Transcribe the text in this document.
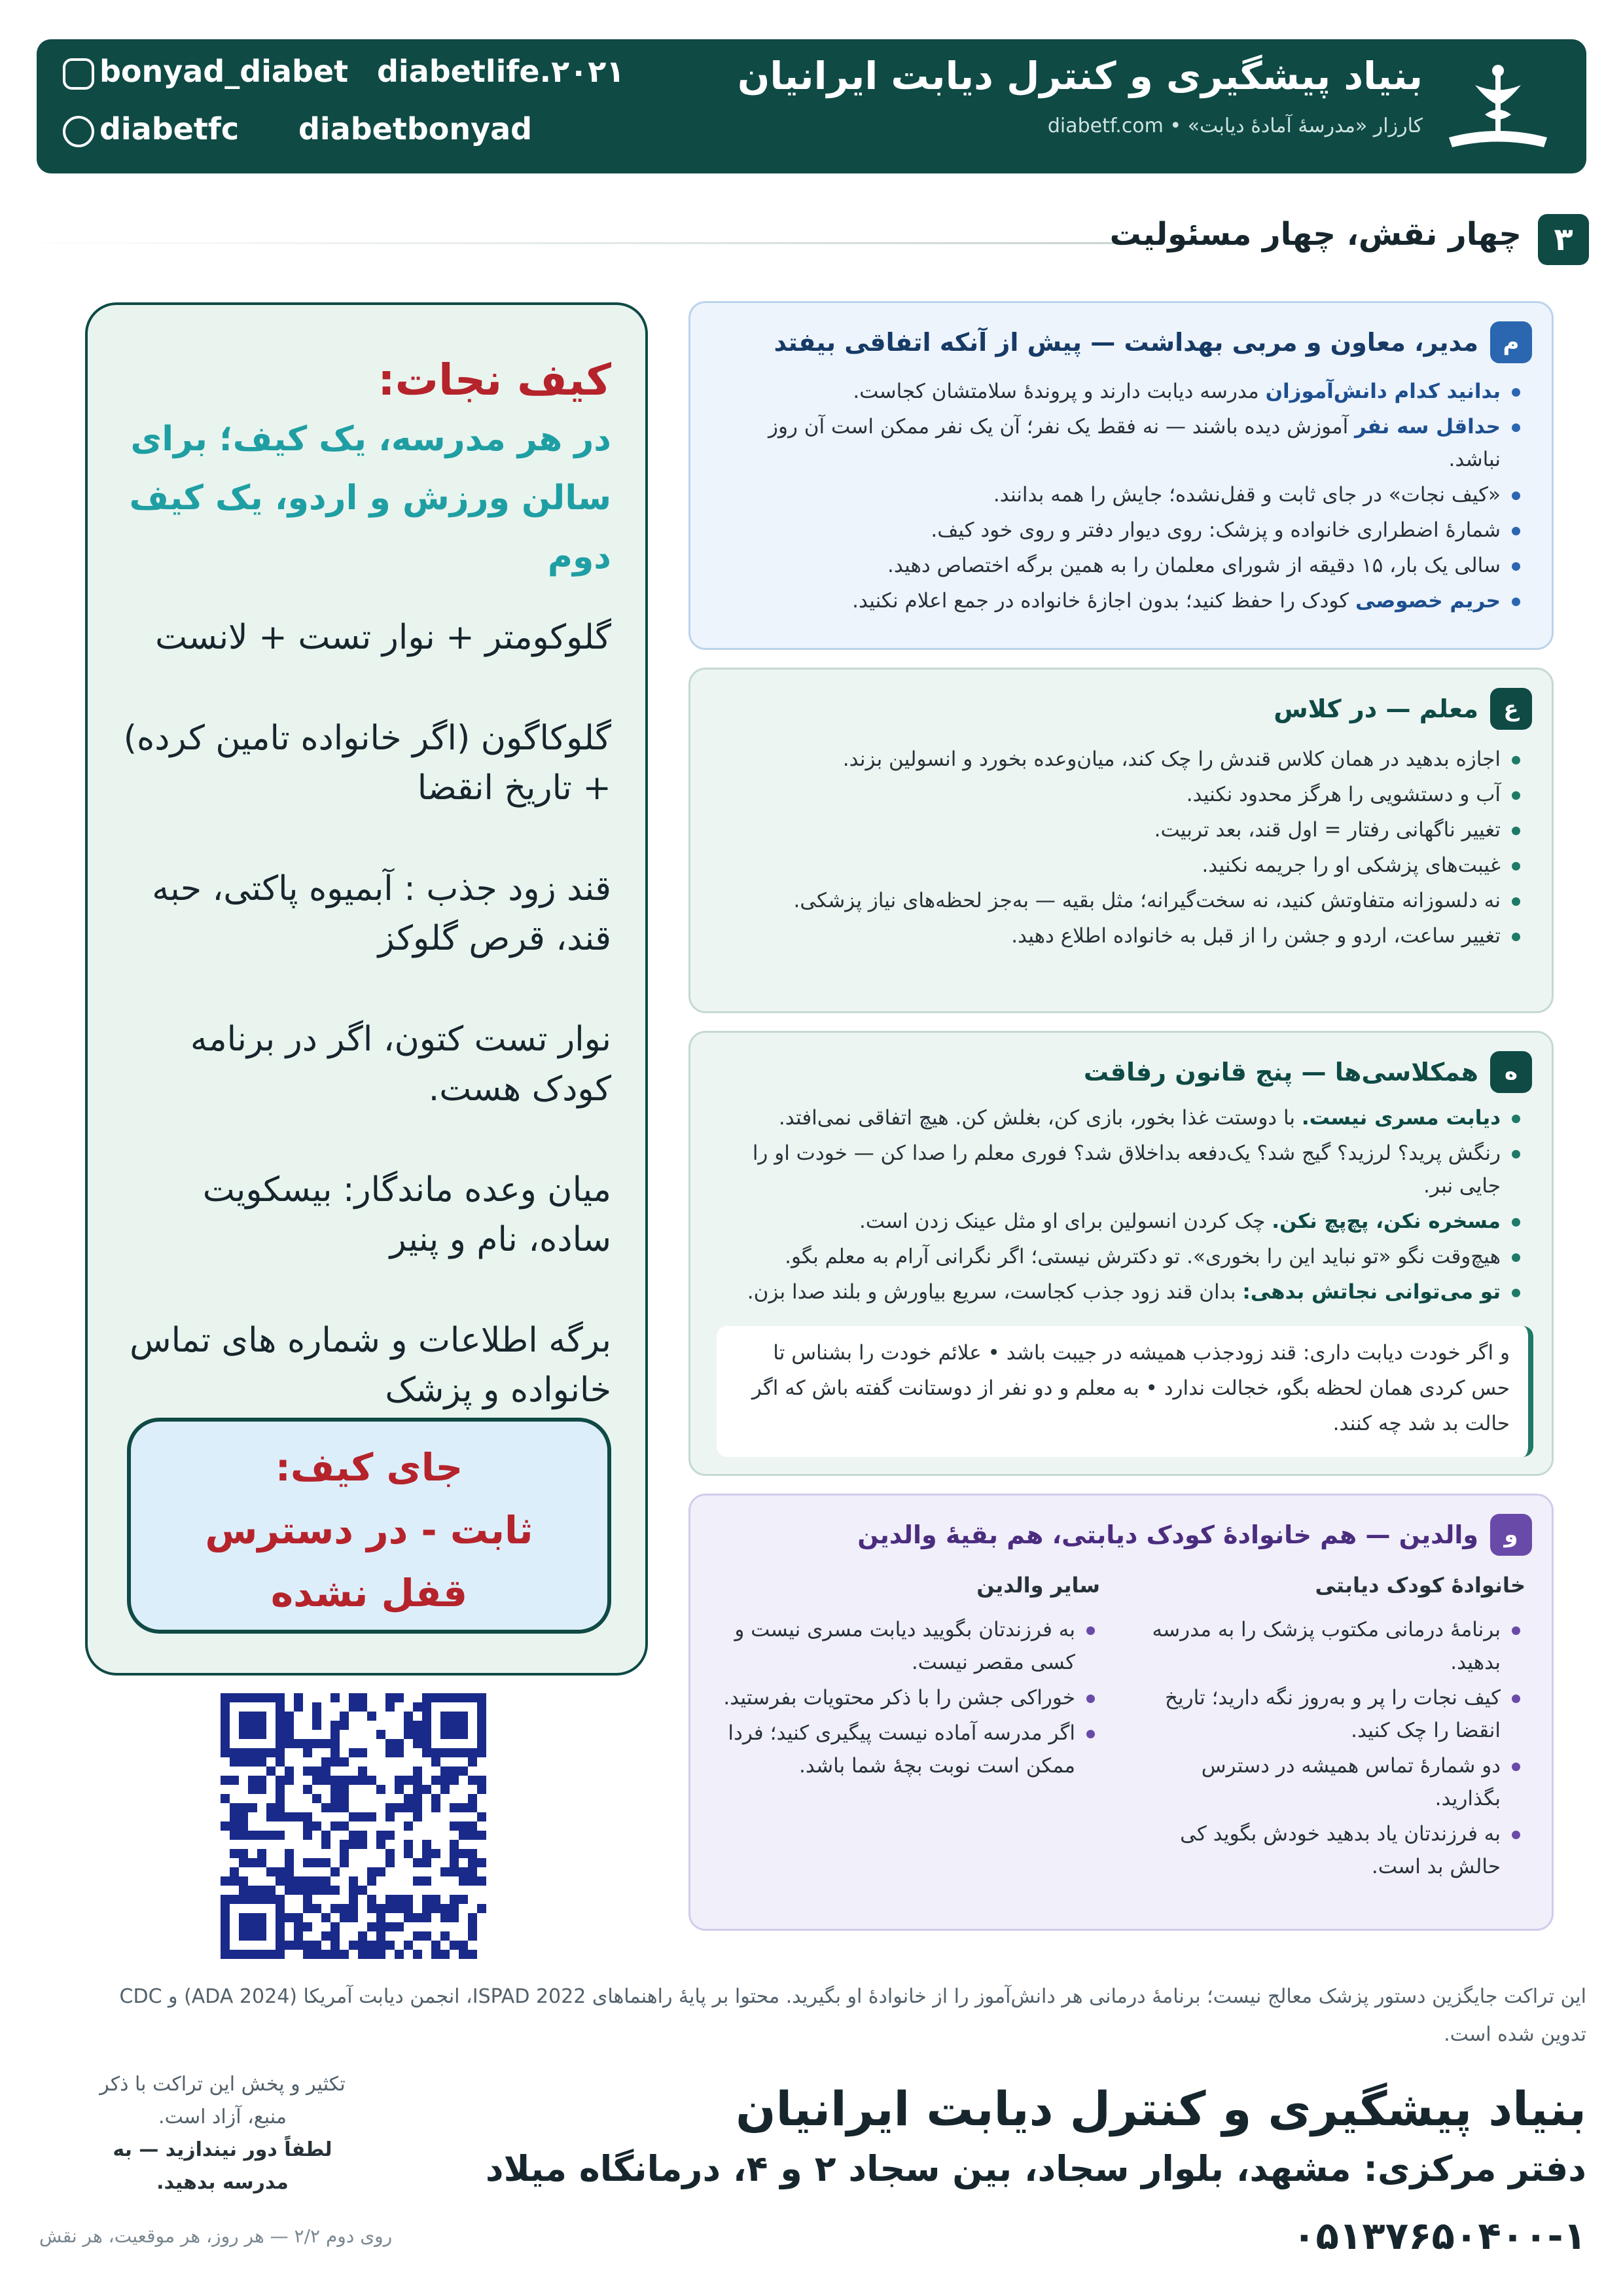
بنیاد پیشگیری و کنترل دیابت ایرانیان
کارزار «مدرسهٔ آمادهٔ دیابت» • diabetf.com
bonyad_diabet diabetlife.۲۰۲۱
diabetfc diabetbonyad
۳
چهار نقش، چهار مسئولیت
م
مدیر، معاون و مربی بهداشت — پیش از آنکه اتفاقی بیفتد
بدانید کدام دانش‌آموزان مدرسه دیابت دارند و پروندهٔ سلامتشان کجاست.
حداقل سه نفر آموزش دیده باشند — نه فقط یک نفر؛ آن یک نفر ممکن است آن روز نباشد.
«کیف نجات» در جای ثابت و قفل‌نشده؛ جایش را همه بدانند.
شمارهٔ اضطراری خانواده و پزشک: روی دیوار دفتر و روی خود کیف.
سالی یک بار، ۱۵ دقیقه از شورای معلمان را به همین برگه اختصاص دهید.
حریم خصوصی کودک را حفظ کنید؛ بدون اجازهٔ خانواده در جمع اعلام نکنید.
ع
معلم — در کلاس
اجازه بدهید در همان کلاس قندش را چک کند، میان‌وعده بخورد و انسولین بزند.
آب و دستشویی را هرگز محدود نکنید.
تغییر ناگهانی رفتار = اول قند، بعد تربیت.
غیبت‌های پزشکی او را جریمه نکنید.
نه دلسوزانه متفاوتش کنید، نه سخت‌گیرانه؛ مثل بقیه — به‌جز لحظه‌های نیاز پزشکی.
تغییر ساعت، اردو و جشن را از قبل به خانواده اطلاع دهید.
ه
همکلاسی‌ها — پنج قانون رفاقت
دیابت مسری نیست. با دوستت غذا بخور، بازی کن، بغلش کن. هیچ اتفاقی نمی‌افتد.
رنگش پرید؟ لرزید؟ گیج شد؟ یک‌دفعه بداخلاق شد؟ فوری معلم را صدا کن — خودت او را جایی نبر.
مسخره نکن، پچ‌پچ نکن. چک کردن انسولین برای او مثل عینک زدن است.
هیچ‌وقت نگو «تو نباید این را بخوری». تو دکترش نیستی؛ اگر نگرانی آرام به معلم بگو.
تو می‌توانی نجاتش بدهی: بدان قند زود جذب کجاست، سریع بیاورش و بلند صدا بزن.
و اگر خودت دیابت داری: قند زودجذب همیشه در جیبت باشد • علائم خودت را بشناس تا حس کردی همان لحظه بگو، خجالت ندارد • به معلم و دو نفر از دوستانت گفته باش که اگر حالت بد شد چه کنند.
و
والدین — هم خانوادهٔ کودک دیابتی، هم بقیهٔ والدین
خانوادهٔ کودک دیابتی
سایر والدین
برنامهٔ درمانی مکتوب پزشک را به مدرسه بدهید.
کیف نجات را پر و به‌روز نگه دارید؛ تاریخ انقضا را چک کنید.
دو شمارهٔ تماس همیشه در دسترس بگذارید.
به فرزندتان یاد بدهید خودش بگوید کی حالش بد است.
به فرزندتان بگویید دیابت مسری نیست و کسی مقصر نیست.
خوراکی جشن را با ذکر محتویات بفرستید.
اگر مدرسه آماده نیست پیگیری کنید؛ فردا ممکن است نوبت بچهٔ شما باشد.
کیف نجات:
در هر مدرسه، یک کیف؛ برای سالن ورزش و اردو، یک کیف دوم
گلوکومتر + نوار تست + لانست
گلوکاگون (اگر خانواده تامین کرده) + تاریخ انقضا
قند زود جذب : آبمیوه پاکتی، حبه قند، قرص گلوکز
نوار تست کتون، اگر در برنامه کودک هست.
میان وعده ماندگار: بیسکویت ساده، نام و پنیر
برگه اطلاعات و شماره های تماس خانواده و پزشک
جای کیف:
ثابت - در دسترس
قفل نشده
این تراکت جایگزین دستور پزشک معالج نیست؛ برنامهٔ درمانی هر دانش‌آموز را از خانوادهٔ او بگیرید. محتوا بر پایهٔ راهنماهای ISPAD 2022، انجمن دیابت آمریکا (ADA 2024) و CDC تدوین شده است.
بنیاد پیشگیری و کنترل دیابت ایرانیان
دفتر مرکزی: مشهد، بلوار سجاد، بین سجاد ۲ و ۴، درمانگاه میلاد
۰۵۱۳۷۶۵۰۴۰۰-۱
تکثیر و پخش این تراکت با ذکر منبع، آزاد است.
لطفاً دور نیندازید — به مدرسه بدهید.
روی دوم ۲/۲ — هر روز، هر موقعیت، هر نقش
